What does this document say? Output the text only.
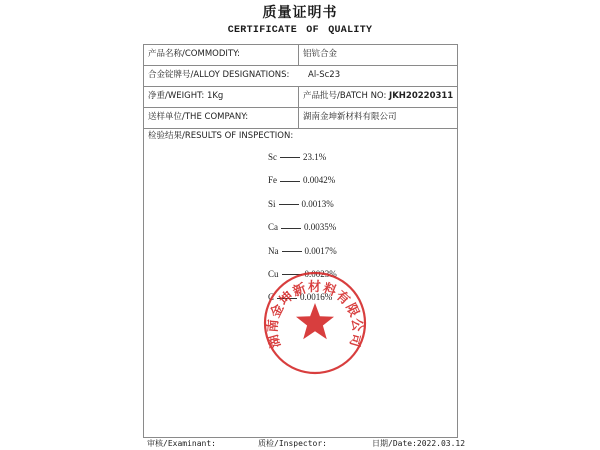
质量证明书
CERTIFICATE OF QUALITY
产品名称/COMMODITY:	铝钪合金
合金锭牌号/ALLOY DESIGNATIONS: Al-Sc23
净重/WEIGHT: 1Kg	产品批号/BATCH NO: JKH20220311
送样单位/THE COMPANY:	湖南金坤新材料有限公司
检验结果/RESULTS OF INSPECTION:
Sc	23.1%
Fe	0.0042%
Si	0.0013%
Ca	0.0035%
Na	0.0017%
Cu	0.0023%
C	0.0016%
湖南金坤新材料有限公司
审核/Examinant:	质检/Inspector:	日期/Date:2022.03.12
